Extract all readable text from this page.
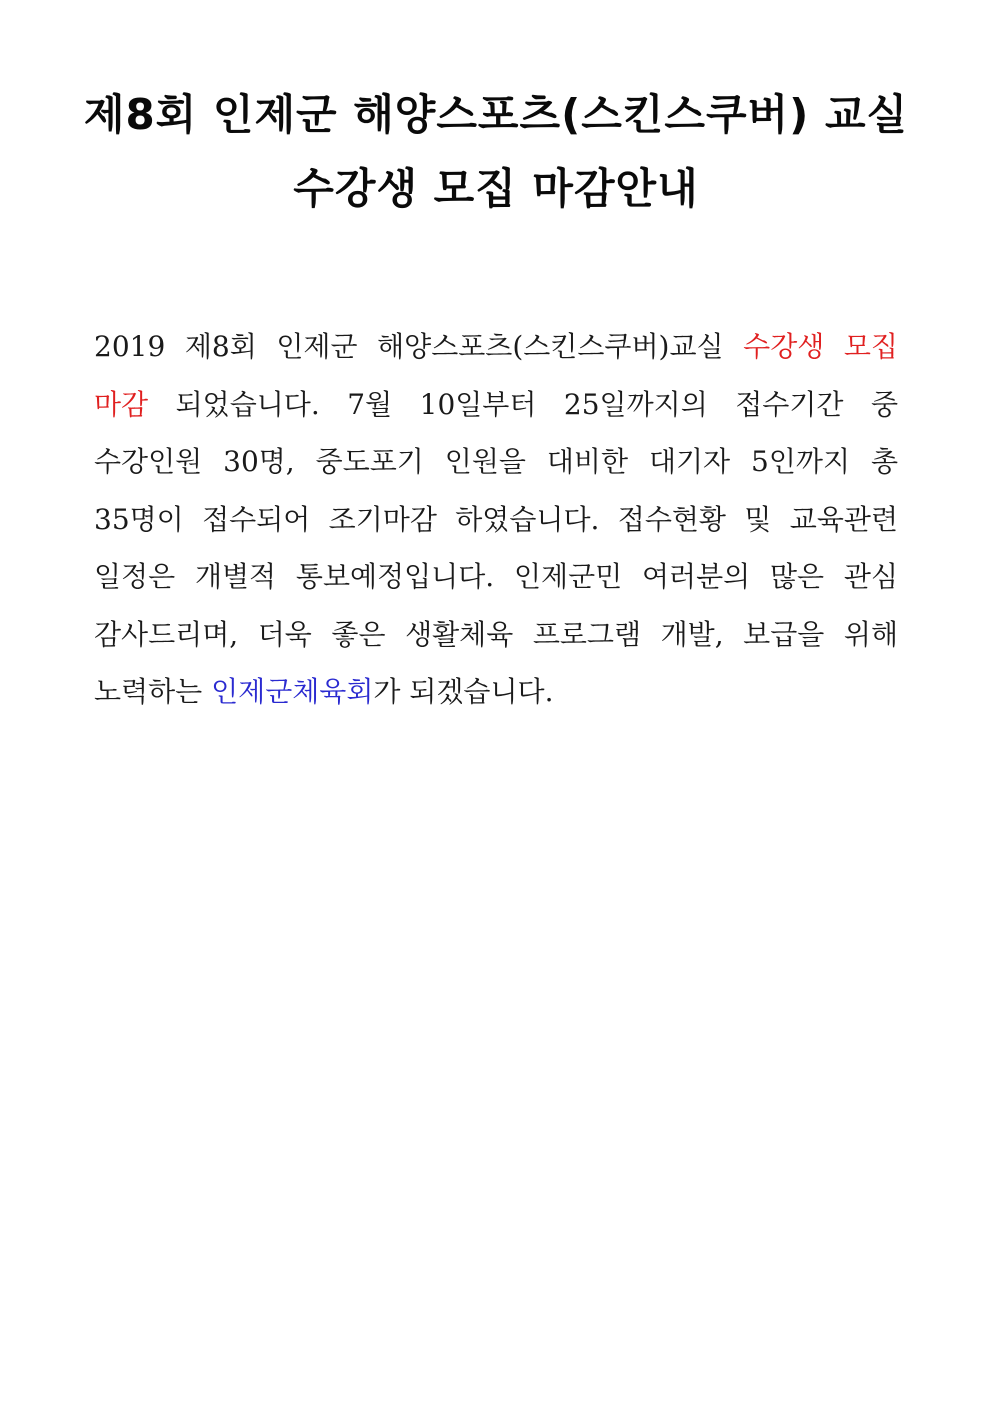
제8회 인제군 해양스포츠(스킨스쿠버) 교실
수강생 모집 마감안내

2019 제8회 인제군 해양스포츠(스킨스쿠버)교실 수강생 모집 마감 되었습니다. 7월 10일부터 25일까지의 접수기간 중 수강인원 30명, 중도포기 인원을 대비한 대기자 5인까지 총 35명이 접수되어 조기마감 하였습니다. 접수현황 및 교육관련 일정은 개별적 통보예정입니다. 인제군민 여러분의 많은 관심 감사드리며, 더욱 좋은 생활체육 프로그램 개발, 보급을 위해 노력하는 인제군체육회가 되겠습니다.
